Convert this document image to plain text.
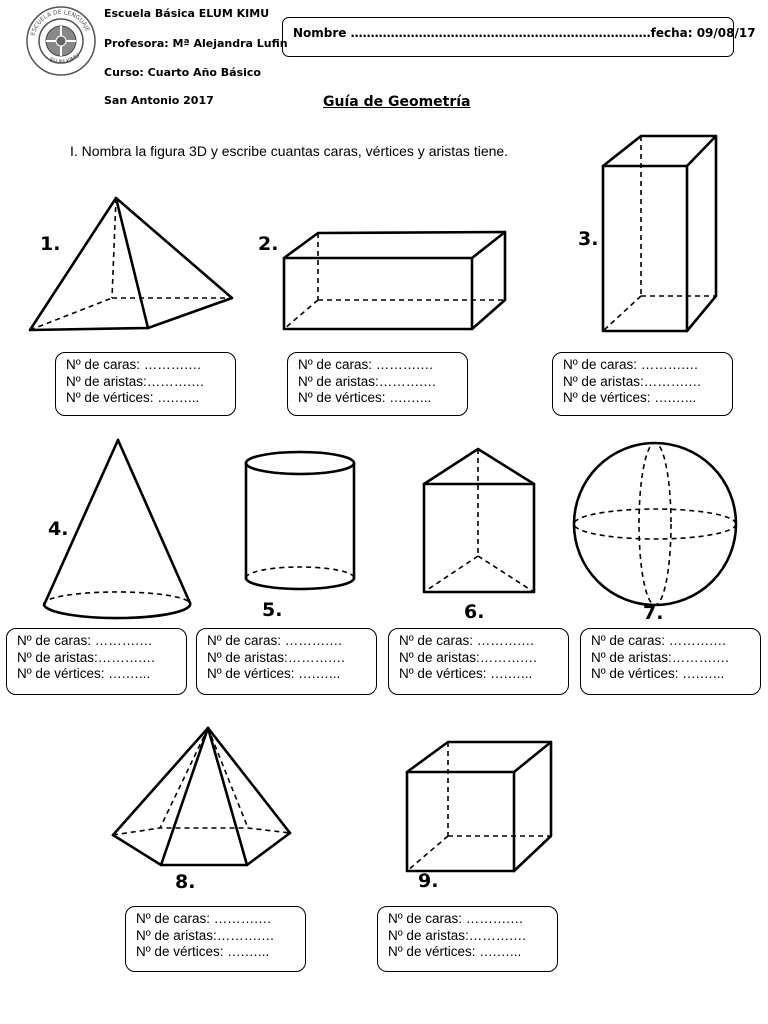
ESCUELA DE LENGUAJE
ELUM KIMU
Escuela Básica ELUM KIMU
Profesora: Mª Alejandra Lufin
Curso: Cuarto Año Básico
San Antonio 2017
Nombre …………………………………………………………………fecha: 09/08/17
Guía de Geometría
I. Nombra la figura 3D y escribe cuantas caras, vértices y aristas tiene.
1.
Nº de caras: ……….…
Nº de aristas:……….…
Nº de vértices: ….…...
2.
Nº de caras: ……….…
Nº de aristas:……….…
Nº de vértices: ….…...
3.
Nº de caras: ……….…
Nº de aristas:……….…
Nº de vértices: ….…...
4.
Nº de caras: ……….…
Nº de aristas:……….…
Nº de vértices: ….…...
5.
Nº de caras: ……….…
Nº de aristas:……….…
Nº de vértices: ….…...
6.
Nº de caras: ……….…
Nº de aristas:……….…
Nº de vértices: ….…...
7.
Nº de caras: ……….…
Nº de aristas:……….…
Nº de vértices: ….…...
8.
Nº de caras: ……….…
Nº de aristas:……….…
Nº de vértices: ….…...
9.
Nº de caras: ……….…
Nº de aristas:……….…
Nº de vértices: ….…...
